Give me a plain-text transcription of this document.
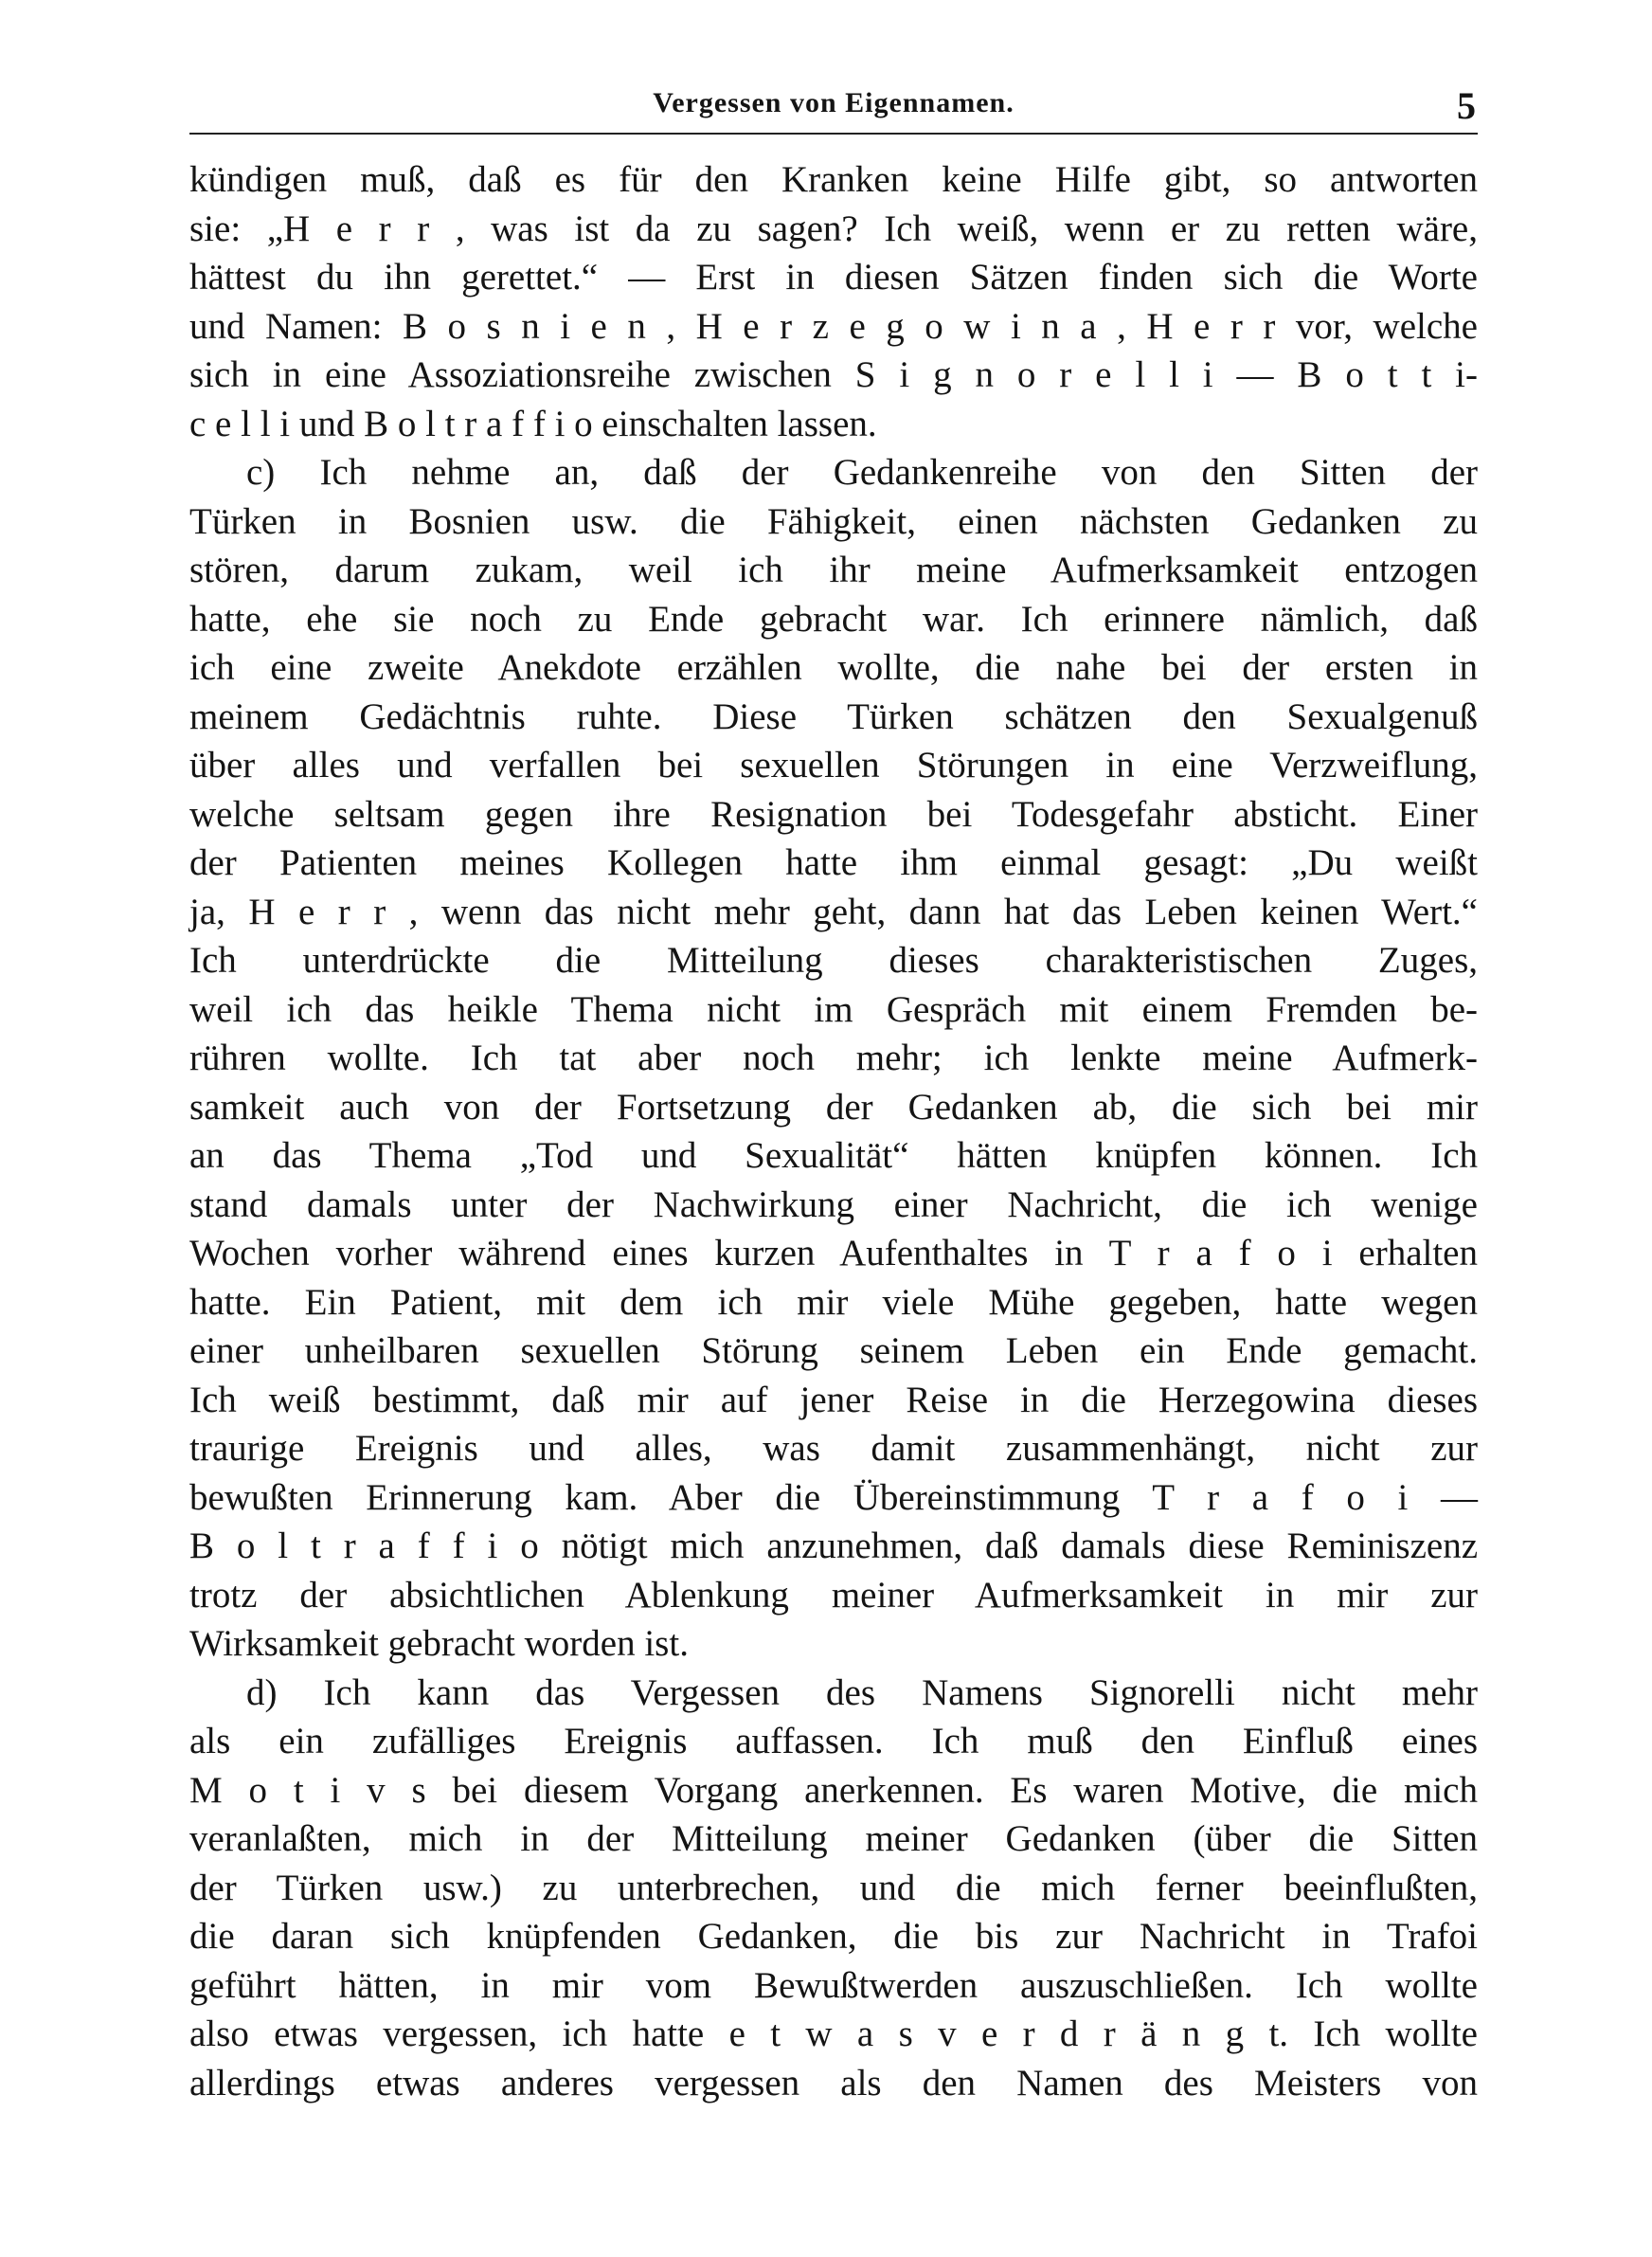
Vergessen von Eigennamen.	5
kündigen muß, daß es für den Kranken keine Hilfe gibt, so antworten
sie: „H e r r , was ist da zu sagen? Ich weiß, wenn er zu retten wäre,
hättest du ihn gerettet.“ — Erst in diesen Sätzen finden sich die Worte
und Namen: B o s n i e n , H e r z e g o w i n a , H e r r vor, welche
sich in eine Assoziationsreihe zwischen S i g n o r e l l i — B o t t i-
c e l l i und B o l t r a f f i o einschalten lassen.
c) Ich nehme an, daß der Gedankenreihe von den Sitten der
Türken in Bosnien usw. die Fähigkeit, einen nächsten Gedanken zu
stören, darum zukam, weil ich ihr meine Aufmerksamkeit entzogen
hatte, ehe sie noch zu Ende gebracht war. Ich erinnere nämlich, daß
ich eine zweite Anekdote erzählen wollte, die nahe bei der ersten in
meinem Gedächtnis ruhte. Diese Türken schätzen den Sexualgenuß
über alles und verfallen bei sexuellen Störungen in eine Verzweiflung,
welche seltsam gegen ihre Resignation bei Todesgefahr absticht. Einer
der Patienten meines Kollegen hatte ihm einmal gesagt: „Du weißt
ja, H e r r , wenn das nicht mehr geht, dann hat das Leben keinen Wert.“
Ich unterdrückte die Mitteilung dieses charakteristischen Zuges,
weil ich das heikle Thema nicht im Gespräch mit einem Fremden be-
rühren wollte. Ich tat aber noch mehr; ich lenkte meine Aufmerk-
samkeit auch von der Fortsetzung der Gedanken ab, die sich bei mir
an das Thema „Tod und Sexualität“ hätten knüpfen können. Ich
stand damals unter der Nachwirkung einer Nachricht, die ich wenige
Wochen vorher während eines kurzen Aufenthaltes in T r a f o i erhalten
hatte. Ein Patient, mit dem ich mir viele Mühe gegeben, hatte wegen
einer unheilbaren sexuellen Störung seinem Leben ein Ende gemacht.
Ich weiß bestimmt, daß mir auf jener Reise in die Herzegowina dieses
traurige Ereignis und alles, was damit zusammenhängt, nicht zur
bewußten Erinnerung kam. Aber die Übereinstimmung T r a f o i —
B o l t r a f f i o nötigt mich anzunehmen, daß damals diese Reminiszenz
trotz der absichtlichen Ablenkung meiner Aufmerksamkeit in mir zur
Wirksamkeit gebracht worden ist.
d) Ich kann das Vergessen des Namens Signorelli nicht mehr
als ein zufälliges Ereignis auffassen. Ich muß den Einfluß eines
M o t i v s bei diesem Vorgang anerkennen. Es waren Motive, die mich
veranlaßten, mich in der Mitteilung meiner Gedanken (über die Sitten
der Türken usw.) zu unterbrechen, und die mich ferner beeinflußten,
die daran sich knüpfenden Gedanken, die bis zur Nachricht in Trafoi
geführt hätten, in mir vom Bewußtwerden auszuschließen. Ich wollte
also etwas vergessen, ich hatte e t w a s v e r d r ä n g t. Ich wollte
allerdings etwas anderes vergessen als den Namen des Meisters von
